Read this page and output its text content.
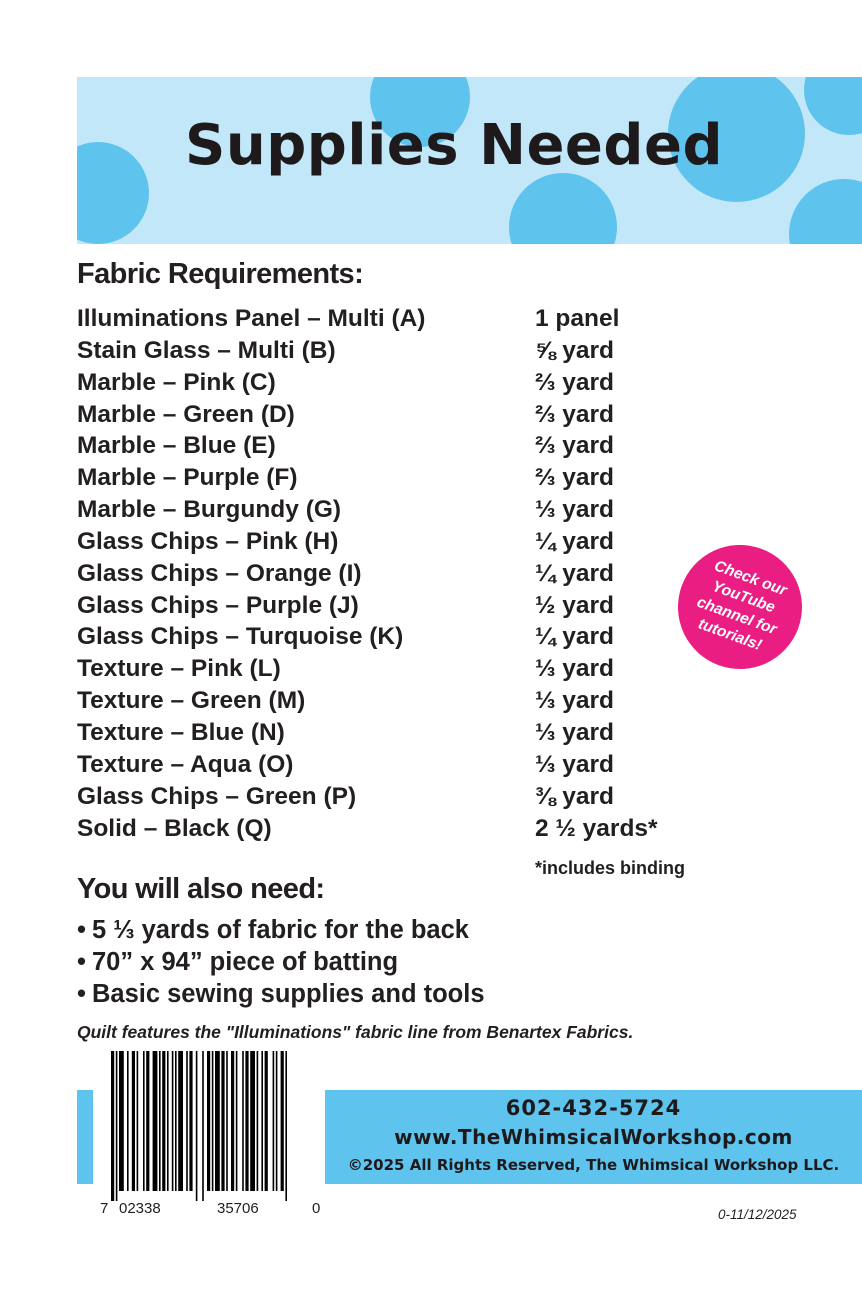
Supplies Needed
Fabric Requirements:
Illuminations Panel – Multi (A)	1 panel
Stain Glass – Multi (B)	⅝ yard
Marble – Pink (C)	⅔ yard
Marble – Green (D)	⅔ yard
Marble – Blue (E)	⅔ yard
Marble – Purple (F)	⅔ yard
Marble – Burgundy (G)	⅓ yard
Glass Chips – Pink (H)	¼ yard
Glass Chips – Orange (I)	¼ yard
Glass Chips – Purple (J)	½ yard
Glass Chips – Turquoise (K)	¼ yard
Texture – Pink (L)	⅓ yard
Texture – Green (M)	⅓ yard
Texture – Blue (N)	⅓ yard
Texture – Aqua (O)	⅓ yard
Glass Chips – Green (P)	⅜ yard
Solid – Black (Q)	2 ½ yards*
*includes binding
Check our YouTube channel for tutorials!
You will also need:
• 5 ⅓ yards of fabric for the back
• 70” x 94” piece of batting
• Basic sewing supplies and tools
Quilt features the "Illuminations" fabric line from Benartex Fabrics.
602-432-5724
www.TheWhimsicalWorkshop.com
©2025 All Rights Reserved, The Whimsical Workshop LLC.
7 02338	35706	0	0-11/12/2025
